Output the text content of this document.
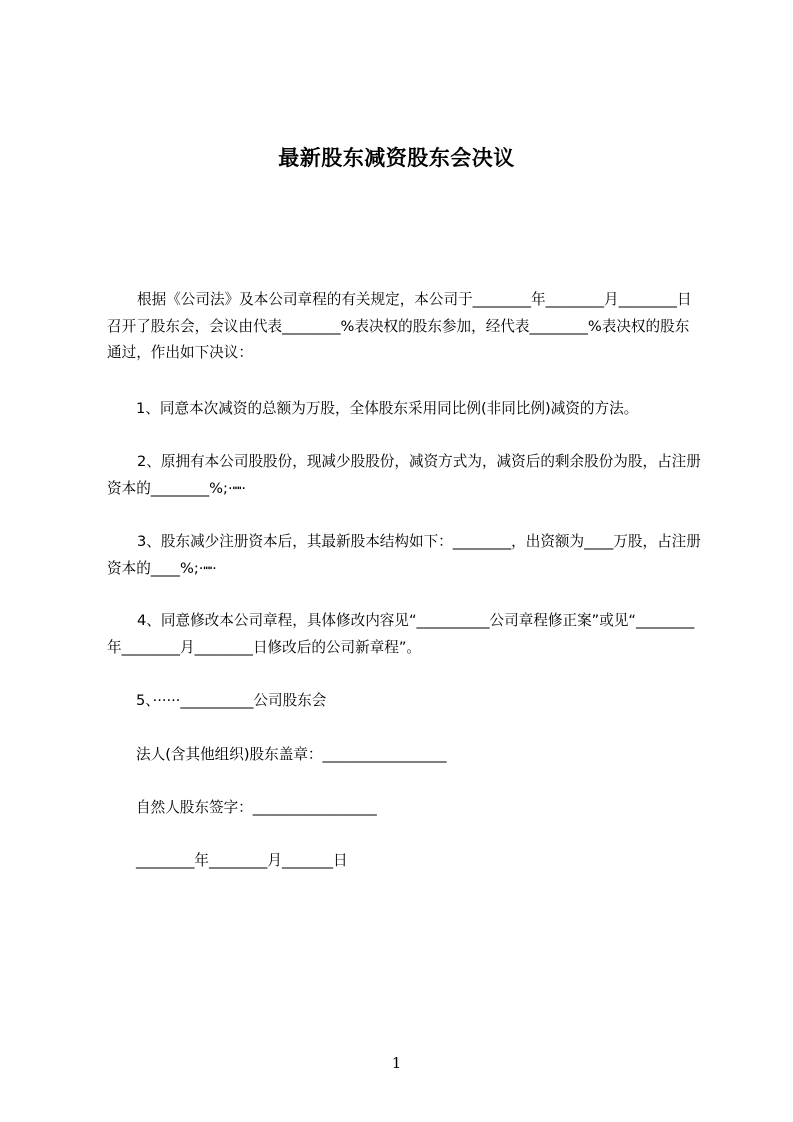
最新股东减资股东会决议
根据《公司法》及本公司章程的有关规定，本公司于________年________月________日召开了股东会，会议由代表________%表决权的股东参加，经代表________%表决权的股东通过，作出如下决议：
1、同意本次减资的总额为万股，全体股东采用同比例(非同比例)减资的方法。
2、原拥有本公司股股份，现减少股股份，减资方式为，减资后的剩余股份为股，占注册资本的________%;·┉·
3、股东减少注册资本后，其最新股本结构如下：________，出资额为____万股，占注册资本的____%;·┉·
4、同意修改本公司章程，具体修改内容见“__________公司章程修正案”或见“________年________月________日修改后的公司新章程”。
5、······__________公司股东会
法人(含其他组织)股东盖章：_________________
自然人股东签字：_________________
________年________月_______日
1
